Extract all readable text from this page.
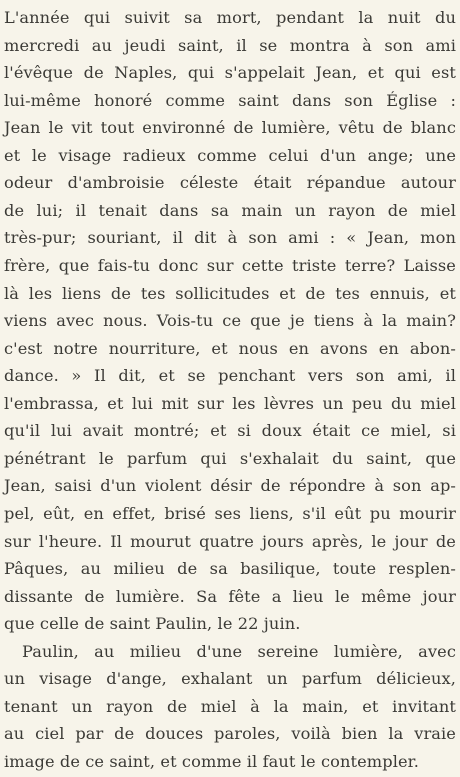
L'année qui suivit sa mort, pendant la nuit du
mercredi au jeudi saint, il se montra à son ami
l'évêque de Naples, qui s'appelait Jean, et qui est
lui-même honoré comme saint dans son Église :
Jean le vit tout environné de lumière, vêtu de blanc
et le visage radieux comme celui d'un ange; une
odeur d'ambroisie céleste était répandue autour
de lui; il tenait dans sa main un rayon de miel
très-pur; souriant, il dit à son ami : « Jean, mon
frère, que fais-tu donc sur cette triste terre? Laisse
là les liens de tes sollicitudes et de tes ennuis, et
viens avec nous. Vois-tu ce que je tiens à la main?
c'est notre nourriture, et nous en avons en abon-
dance. » Il dit, et se penchant vers son ami, il
l'embrassa, et lui mit sur les lèvres un peu du miel
qu'il lui avait montré; et si doux était ce miel, si
pénétrant le parfum qui s'exhalait du saint, que
Jean, saisi d'un violent désir de répondre à son ap-
pel, eût, en effet, brisé ses liens, s'il eût pu mourir
sur l'heure. Il mourut quatre jours après, le jour de
Pâques, au milieu de sa basilique, toute resplen-
dissante de lumière. Sa fête a lieu le même jour
que celle de saint Paulin, le 22 juin.
Paulin, au milieu d'une sereine lumière, avec
un visage d'ange, exhalant un parfum délicieux,
tenant un rayon de miel à la main, et invitant
au ciel par de douces paroles, voilà bien la vraie
image de ce saint, et comme il faut le contempler.
